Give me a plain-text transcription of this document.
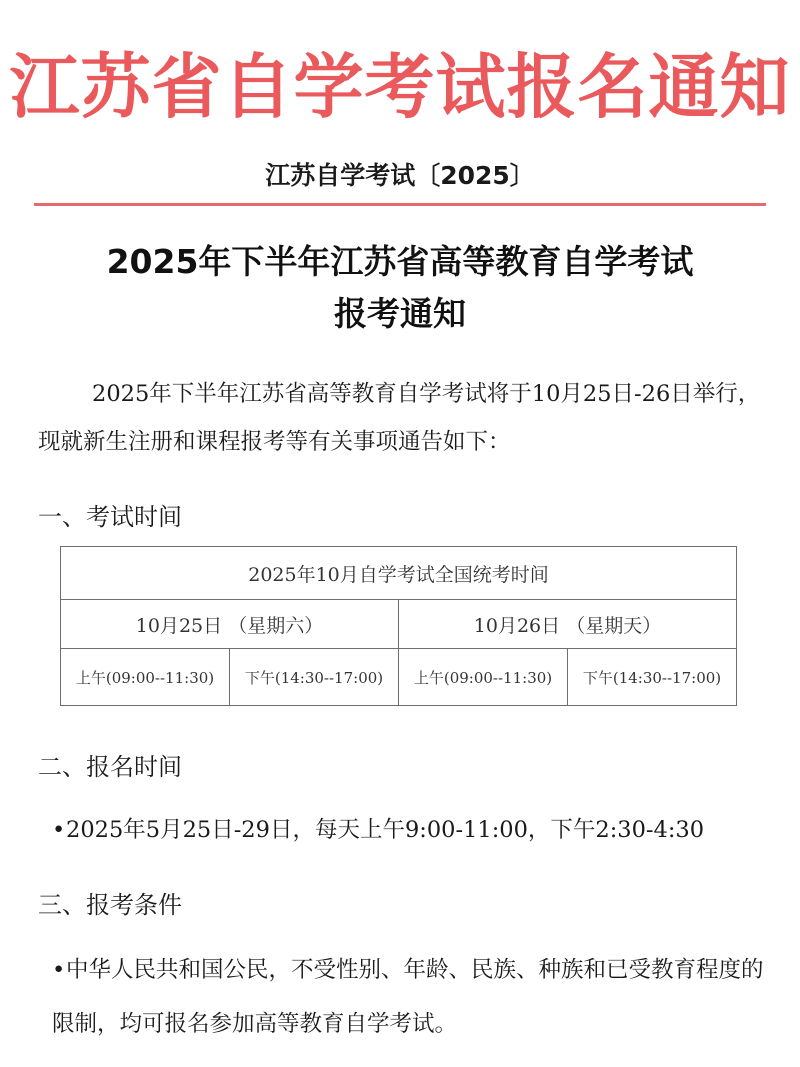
江苏省自学考试报名通知
江苏自学考试〔2025〕
2025年下半年江苏省高等教育自学考试
报考通知
2025年下半年江苏省高等教育自学考试将于10月25日-26日举行，现就新生注册和课程报考等有关事项通告如下：
一、考试时间
2025年10月自学考试全国统考时间			
10月25日 （星期六）		10月26日 （星期天）	
上午(09:00--11:30)	下午(14:30--17:00)	上午(09:00--11:30)	下午(14:30--17:00)
二、报名时间
•2025年5月25日-29日，每天上午9:00-11:00，下午2:30-4:30
三、报考条件
•中华人民共和国公民，不受性别、年龄、民族、种族和已受教育程度的限制，均可报名参加高等教育自学考试。
